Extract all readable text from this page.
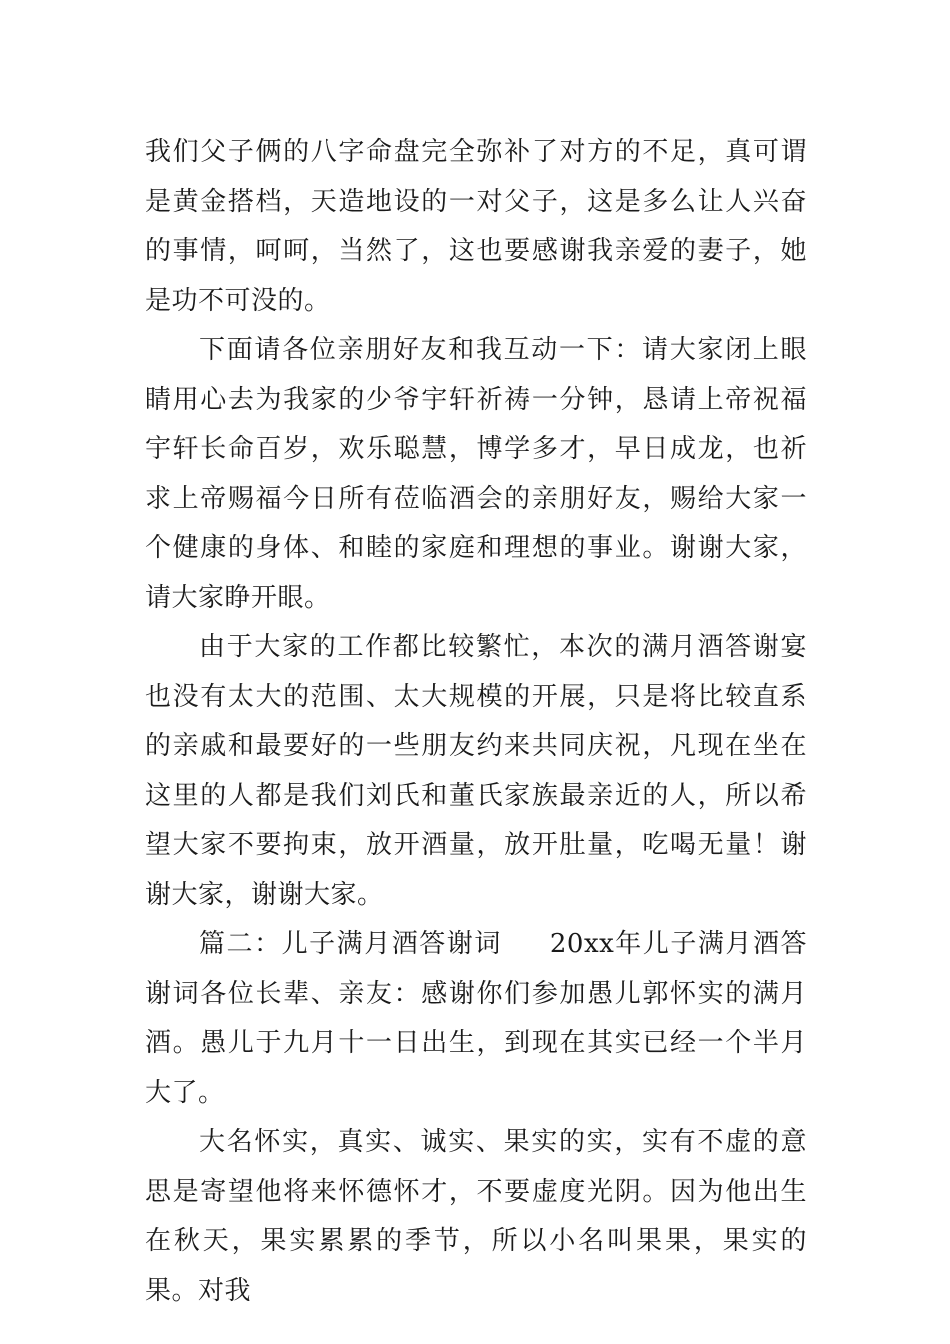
我们父子俩的八字命盘完全弥补了对方的不足，真可谓是黄金搭档，天造地设的一对父子，这是多么让人兴奋的事情，呵呵，当然了，这也要感谢我亲爱的妻子，她是功不可没的。

下面请各位亲朋好友和我互动一下：请大家闭上眼睛用心去为我家的少爷宇轩祈祷一分钟，恳请上帝祝福宇轩长命百岁，欢乐聪慧，博学多才，早日成龙，也祈求上帝赐福今日所有莅临酒会的亲朋好友，赐给大家一个健康的身体、和睦的家庭和理想的事业。谢谢大家，请大家睁开眼。

由于大家的工作都比较繁忙，本次的满月酒答谢宴也没有太大的范围、太大规模的开展，只是将比较直系的亲戚和最要好的一些朋友约来共同庆祝，凡现在坐在这里的人都是我们刘氏和董氏家族最亲近的人，所以希望大家不要拘束，放开酒量，放开肚量，吃喝无量！谢谢大家，谢谢大家。

篇二：儿子满月酒答谢词 20xx年儿子满月酒答谢词各位长辈、亲友：感谢你们参加愚儿郭怀实的满月酒。愚儿于九月十一日出生，到现在其实已经一个半月大了。

大名怀实，真实、诚实、果实的实，实有不虚的意思是寄望他将来怀德怀才，不要虚度光阴。因为他出生在秋天，果实累累的季节，所以小名叫果果，果实的果。对我
